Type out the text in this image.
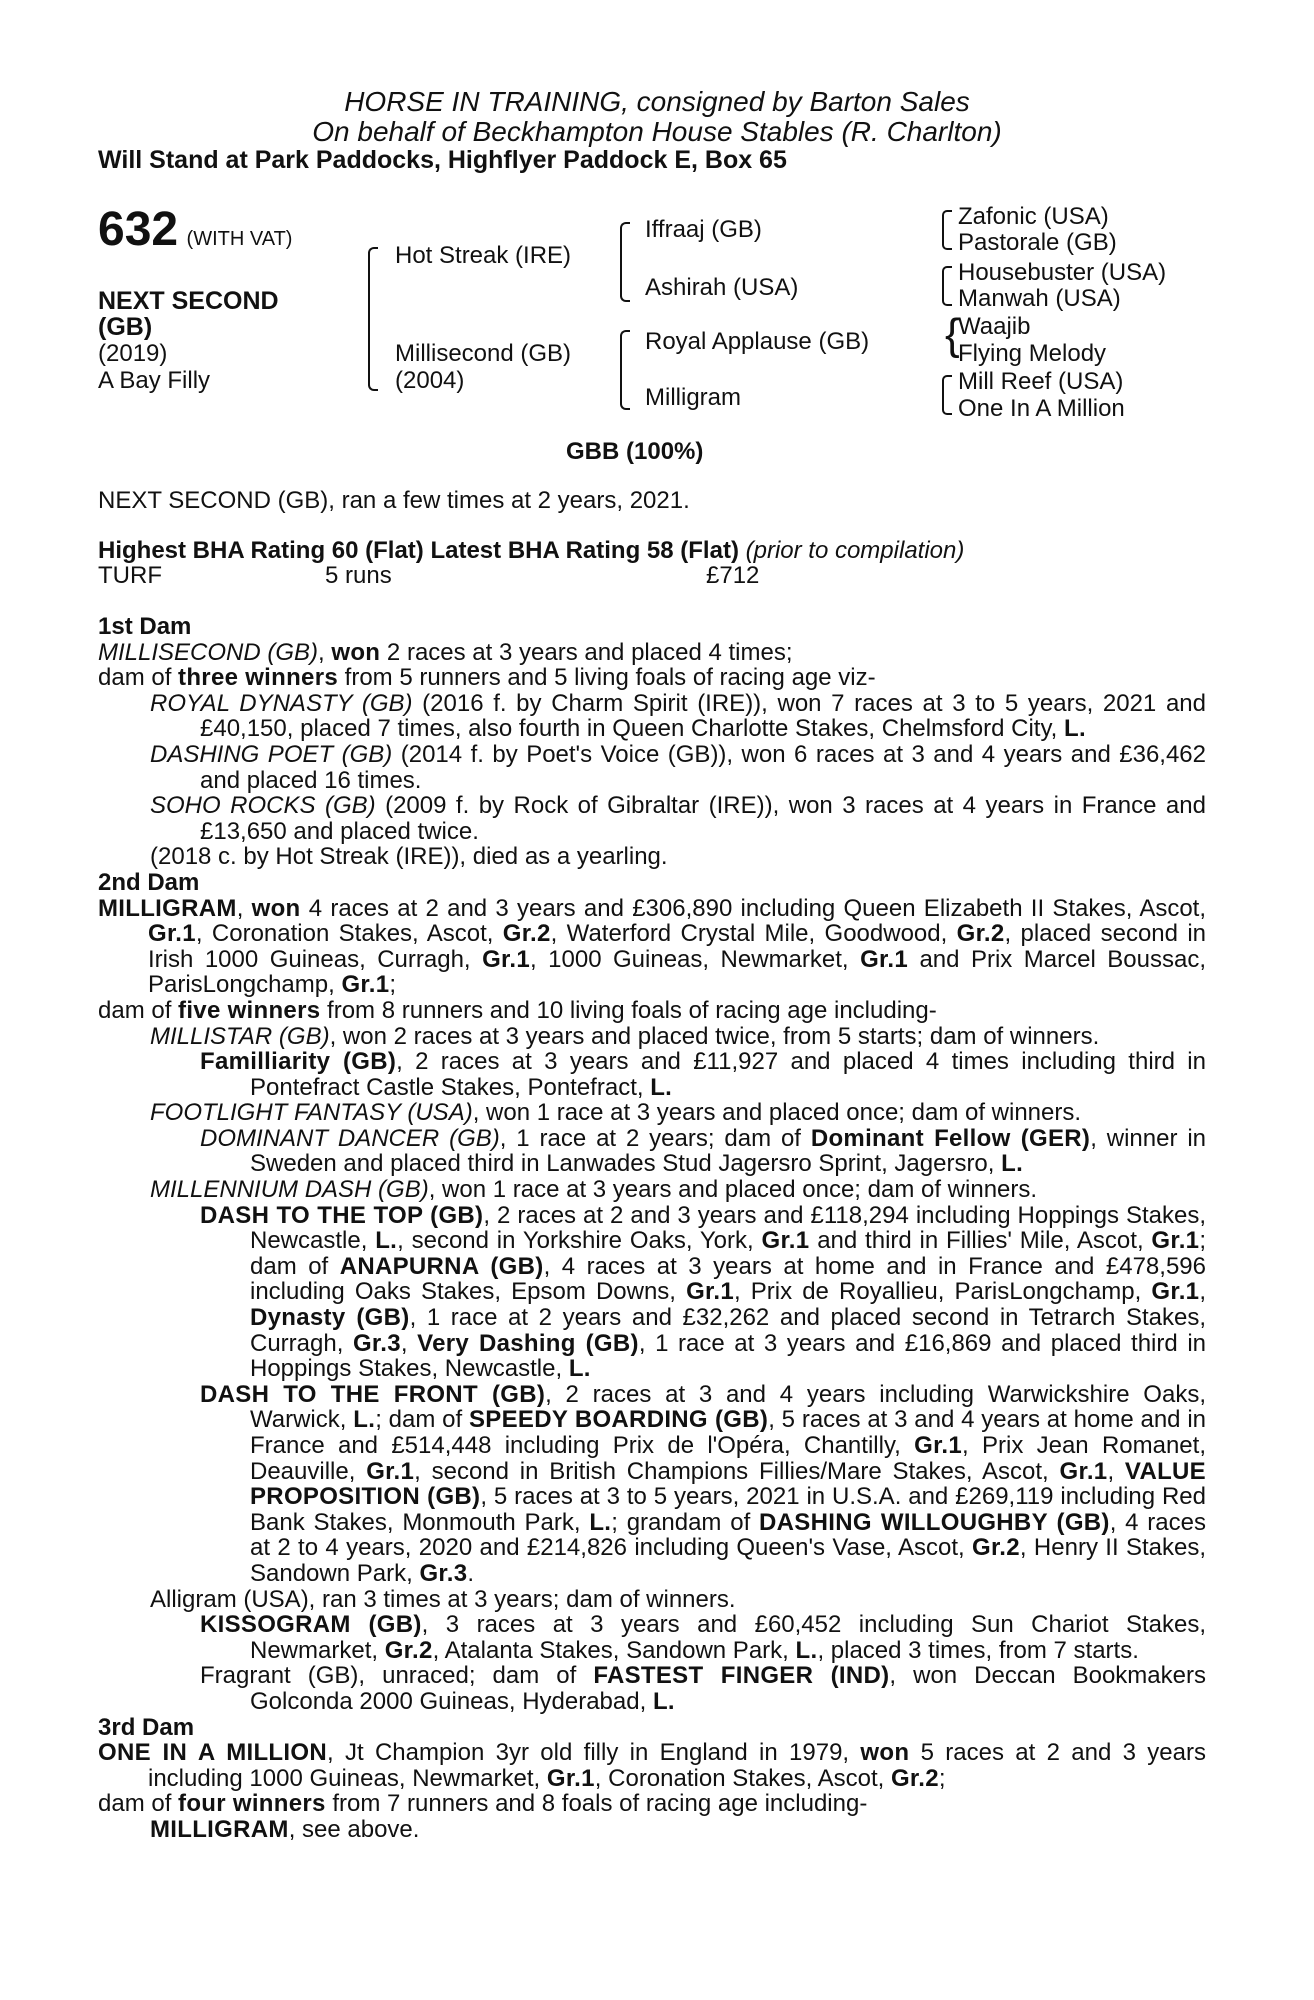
HORSE IN TRAINING, consigned by Barton Sales
On behalf of Beckhampton House Stables (R. Charlton)
Will Stand at Park Paddocks, Highflyer Paddock E, Box 65
632 (WITH VAT)
NEXT SECOND
(GB)
(2019)
A Bay Filly
Hot Streak (IRE)
Millisecond (GB)
(2004)
Iffraaj (GB)
Ashirah (USA)
Royal Applause (GB)
Milligram
Zafonic (USA)
Pastorale (GB)
Housebuster (USA)
Manwah (USA)
{
Waajib
Flying Melody
Mill Reef (USA)
One In A Million
GBB (100%)
NEXT SECOND (GB), ran a few times at 2 years, 2021.
Highest BHA Rating 60 (Flat) Latest BHA Rating 58 (Flat) (prior to compilation)
TURF	5 runs	£712

1st Dam

MILLISECOND (GB), won 2 races at 3 years and placed 4 times;

dam of three winners from 5 runners and 5 living foals of racing age viz-

ROYAL DYNASTY (GB) (2016 f. by Charm Spirit (IRE)), won 7 races at 3 to 5 years, 2021 and £40,150, placed 7 times, also fourth in Queen Charlotte Stakes, Chelmsford City, L.

DASHING POET (GB) (2014 f. by Poet's Voice (GB)), won 6 races at 3 and 4 years and £36,462 and placed 16 times.

SOHO ROCKS (GB) (2009 f. by Rock of Gibraltar (IRE)), won 3 races at 4 years in France and £13,650 and placed twice.

(2018 c. by Hot Streak (IRE)), died as a yearling.

2nd Dam

MILLIGRAM, won 4 races at 2 and 3 years and £306,890 including Queen Elizabeth II Stakes, Ascot, Gr.1, Coronation Stakes, Ascot, Gr.2, Waterford Crystal Mile, Goodwood, Gr.2, placed second in Irish 1000 Guineas, Curragh, Gr.1, 1000 Guineas, Newmarket, Gr.1 and Prix Marcel Boussac, ParisLongchamp, Gr.1;

dam of five winners from 8 runners and 10 living foals of racing age including-

MILLISTAR (GB), won 2 races at 3 years and placed twice, from 5 starts; dam of winners.

Familliarity (GB), 2 races at 3 years and £11,927 and placed 4 times including third in Pontefract Castle Stakes, Pontefract, L.

FOOTLIGHT FANTASY (USA), won 1 race at 3 years and placed once; dam of winners.

DOMINANT DANCER (GB), 1 race at 2 years; dam of Dominant Fellow (GER), winner in Sweden and placed third in Lanwades Stud Jagersro Sprint, Jagersro, L.

MILLENNIUM DASH (GB), won 1 race at 3 years and placed once; dam of winners.

DASH TO THE TOP (GB), 2 races at 2 and 3 years and £118,294 including Hoppings Stakes, Newcastle, L., second in Yorkshire Oaks, York, Gr.1 and third in Fillies' Mile, Ascot, Gr.1; dam of ANAPURNA (GB), 4 races at 3 years at home and in France and £478,596 including Oaks Stakes, Epsom Downs, Gr.1, Prix de Royallieu, ParisLongchamp, Gr.1, Dynasty (GB), 1 race at 2 years and £32,262 and placed second in Tetrarch Stakes, Curragh, Gr.3, Very Dashing (GB), 1 race at 3 years and £16,869 and placed third in Hoppings Stakes, Newcastle, L.

DASH TO THE FRONT (GB), 2 races at 3 and 4 years including Warwickshire Oaks, Warwick, L.; dam of SPEEDY BOARDING (GB), 5 races at 3 and 4 years at home and in France and £514,448 including Prix de l'Opéra, Chantilly, Gr.1, Prix Jean Romanet, Deauville, Gr.1, second in British Champions Fillies/Mare Stakes, Ascot, Gr.1, VALUE PROPOSITION (GB), 5 races at 3 to 5 years, 2021 in U.S.A. and £269,119 including Red Bank Stakes, Monmouth Park, L.; grandam of DASHING WILLOUGHBY (GB), 4 races at 2 to 4 years, 2020 and £214,826 including Queen's Vase, Ascot, Gr.2, Henry II Stakes, Sandown Park, Gr.3.

Alligram (USA), ran 3 times at 3 years; dam of winners.

KISSOGRAM (GB), 3 races at 3 years and £60,452 including Sun Chariot Stakes, Newmarket, Gr.2, Atalanta Stakes, Sandown Park, L., placed 3 times, from 7 starts.

Fragrant (GB), unraced; dam of FASTEST FINGER (IND), won Deccan Bookmakers Golconda 2000 Guineas, Hyderabad, L.

3rd Dam

ONE IN A MILLION, Jt Champion 3yr old filly in England in 1979, won 5 races at 2 and 3 years including 1000 Guineas, Newmarket, Gr.1, Coronation Stakes, Ascot, Gr.2;

dam of four winners from 7 runners and 8 foals of racing age including-

MILLIGRAM, see above.
